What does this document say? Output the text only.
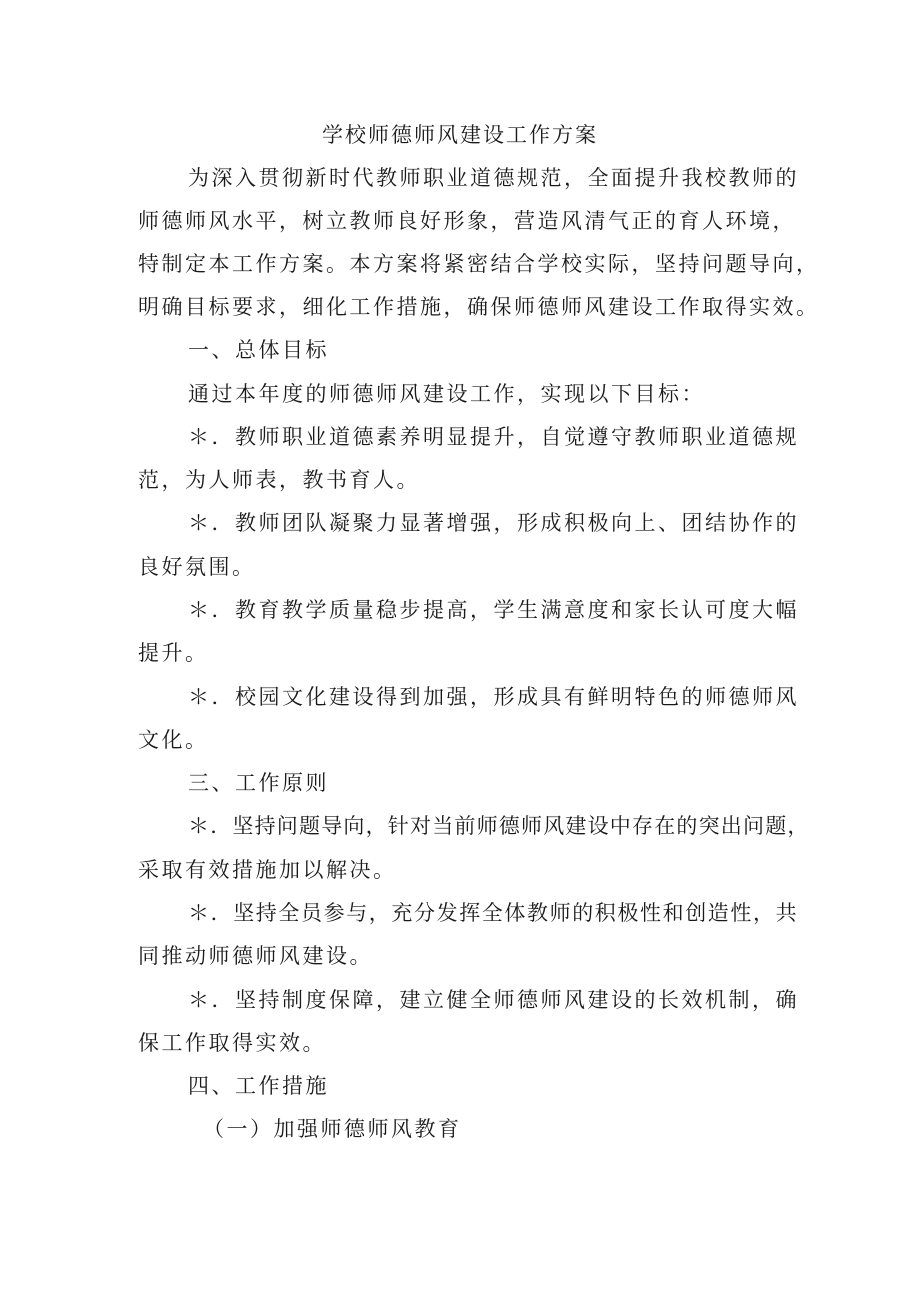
学校师德师风建设工作方案
为深入贯彻新时代教师职业道德规范，全面提升我校教师的
师德师风水平，树立教师良好形象，营造风清气正的育人环境，
特制定本工作方案。本方案将紧密结合学校实际，坚持问题导向，
明确目标要求，细化工作措施，确保师德师风建设工作取得实效。
一、总体目标
通过本年度的师德师风建设工作，实现以下目标：
＊．教师职业道德素养明显提升，自觉遵守教师职业道德规
范，为人师表，教书育人。
＊．教师团队凝聚力显著增强，形成积极向上、团结协作的
良好氛围。
＊．教育教学质量稳步提高，学生满意度和家长认可度大幅
提升。
＊．校园文化建设得到加强，形成具有鲜明特色的师德师风
文化。
三、工作原则
＊．坚持问题导向，针对当前师德师风建设中存在的突出问题，
采取有效措施加以解决。
＊．坚持全员参与，充分发挥全体教师的积极性和创造性，共
同推动师德师风建设。
＊．坚持制度保障，建立健全师德师风建设的长效机制，确
保工作取得实效。
四、工作措施
（一）加强师德师风教育
